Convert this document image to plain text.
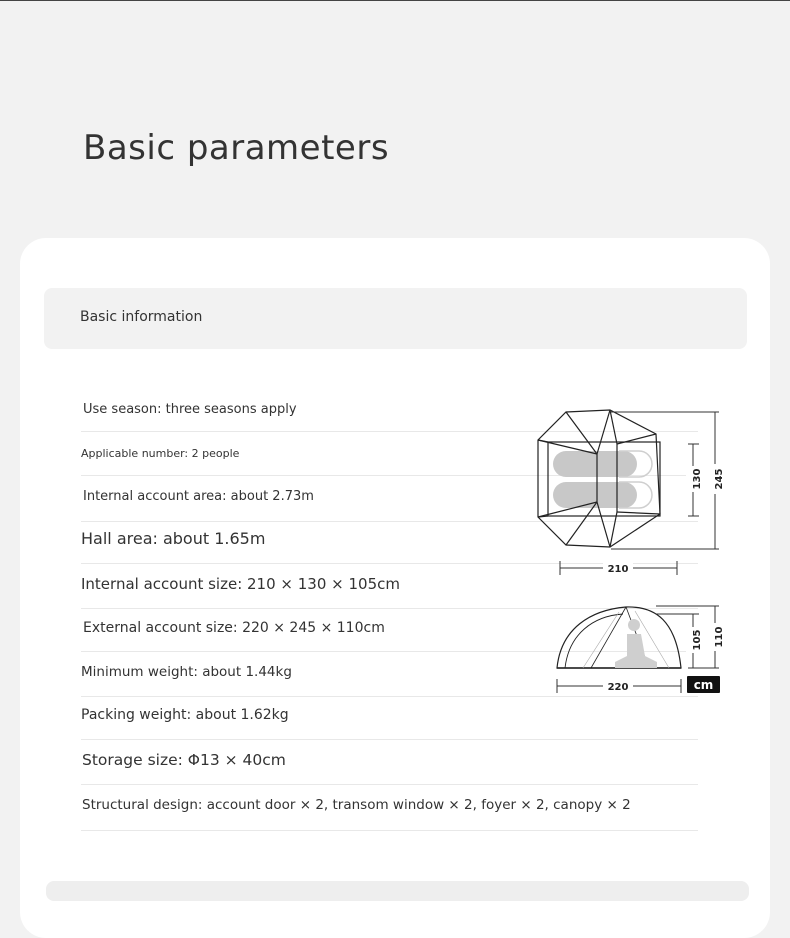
Basic parameters
Basic information
Use season: three seasons apply
Applicable number: 2 people
Internal account area: about 2.73m
Hall area: about 1.65m
Internal account size: 210 × 130 × 105cm
External account size: 220 × 245 × 110cm
Minimum weight: about 1.44kg
Packing weight: about 1.62kg
Storage size: Φ13 × 40cm
Structural design: account door × 2, transom window × 2, foyer × 2, canopy × 2
245
130
210
110
105
220	cm
